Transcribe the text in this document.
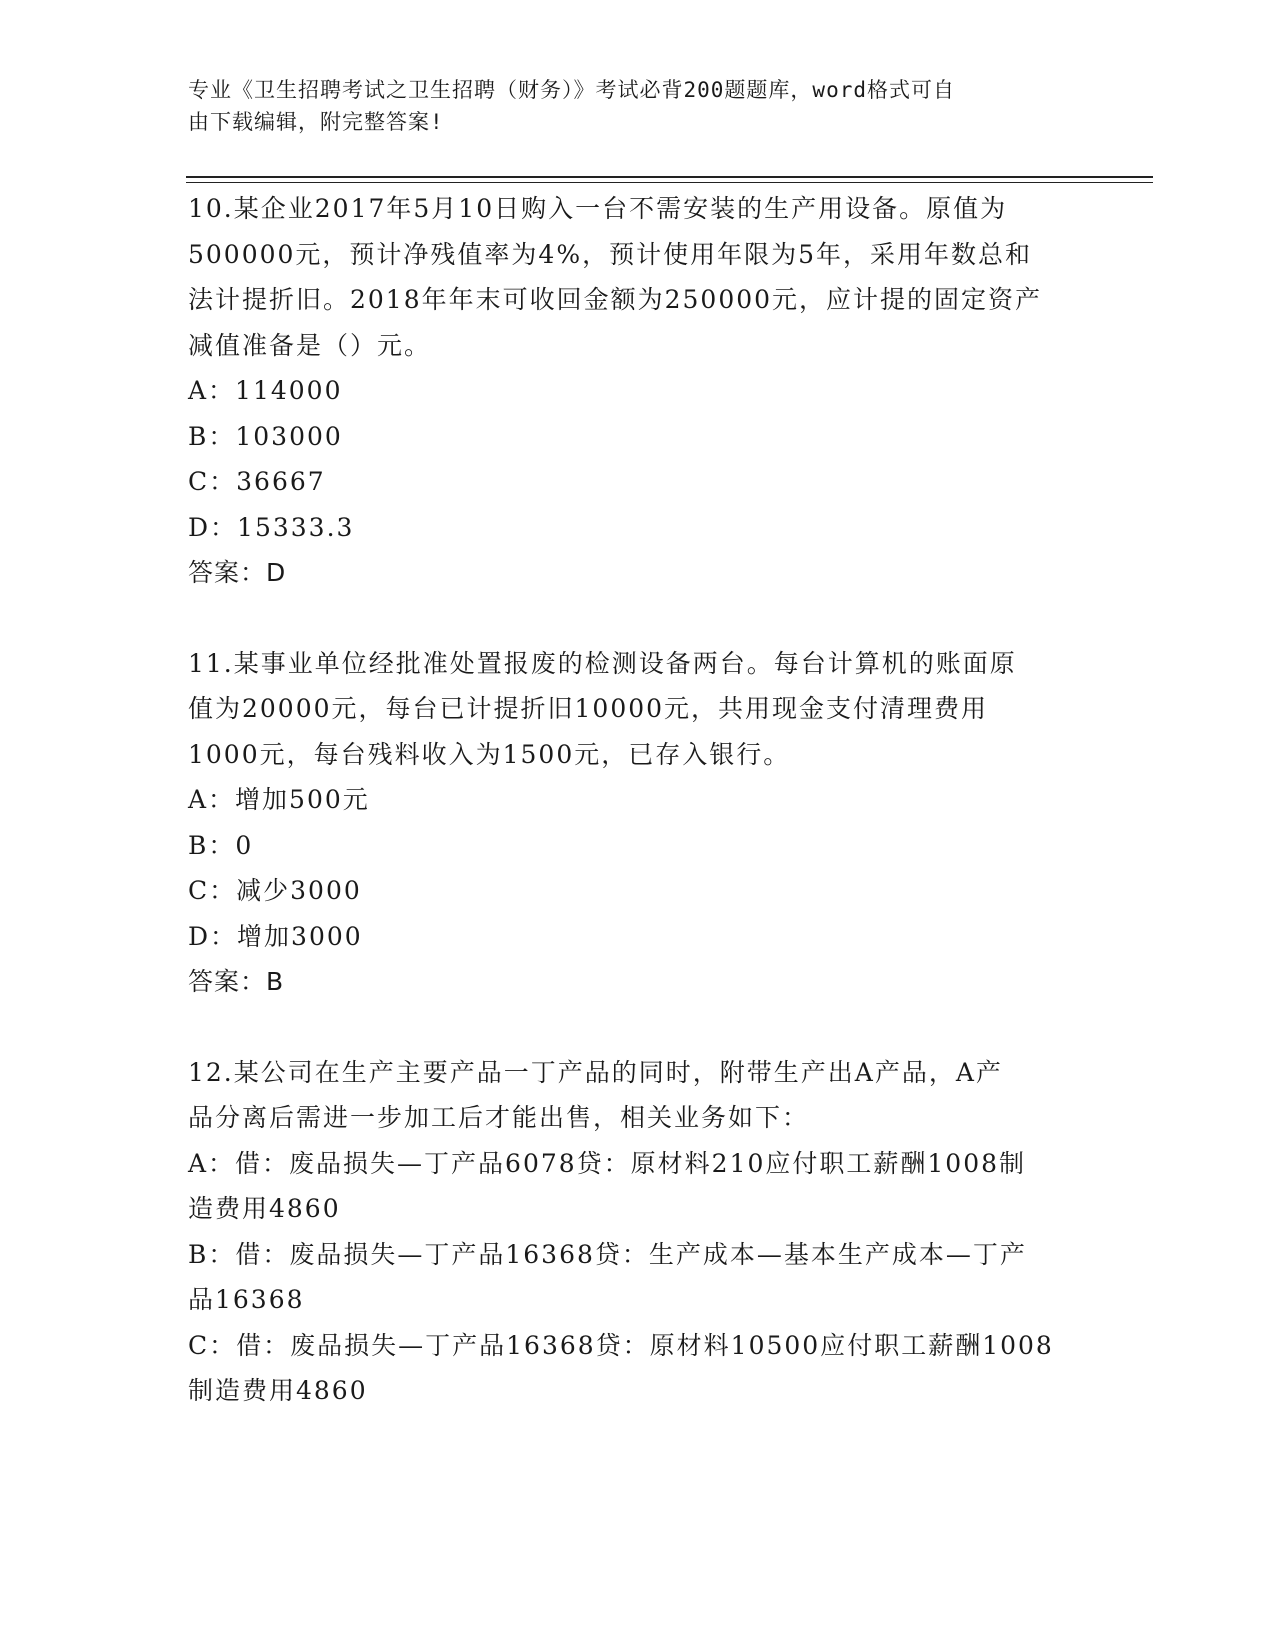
专业《卫生招聘考试之卫生招聘（财务）》考试必背200题题库，word格式可自
由下载编辑，附完整答案!
10.某企业2017年5月10日购入一台不需安装的生产用设备。原值为
500000元，预计净残值率为4%，预计使用年限为5年，采用年数总和
法计提折旧。2018年年末可收回金额为250000元，应计提的固定资产
减值准备是（）元。
A：114000
B：103000
C：36667
D：15333.3
答案：D
11.某事业单位经批准处置报废的检测设备两台。每台计算机的账面原
值为20000元，每台已计提折旧10000元，共用现金支付清理费用
1000元，每台残料收入为1500元，已存入银行。
A：增加500元
B：0
C：减少3000
D：增加3000
答案：B
12.某公司在生产主要产品一丁产品的同时，附带生产出A产品，A产
品分离后需进一步加工后才能出售，相关业务如下：
A：借：废品损失—丁产品6078贷：原材料210应付职工薪酬1008制
造费用4860
B：借：废品损失—丁产品16368贷：生产成本—基本生产成本—丁产
品16368
C：借：废品损失—丁产品16368贷：原材料10500应付职工薪酬1008
制造费用4860
